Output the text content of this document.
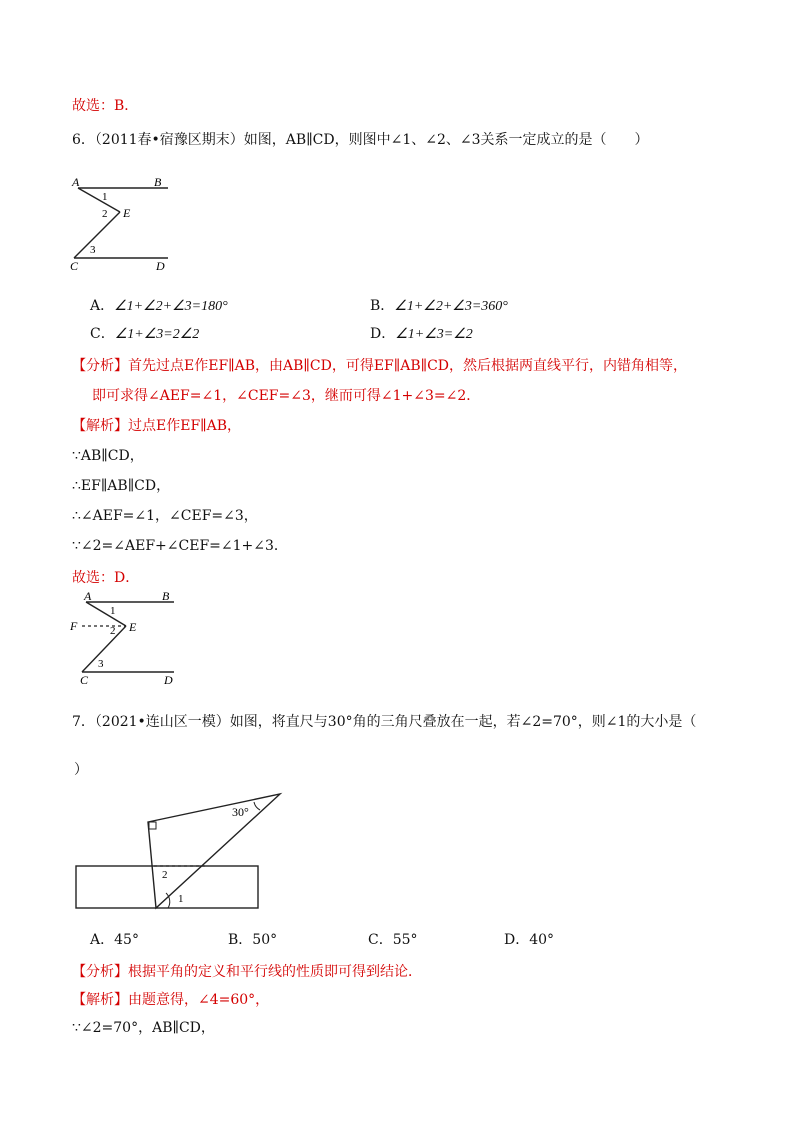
故选：B．
6．（2011春•宿豫区期末）如图，AB∥CD，则图中∠1、∠2、∠3关系一定成立的是（　　）
A	B
E
C	D
1
2
3
A．∠1+∠2+∠3=180°	B．∠1+∠2+∠3=360°
C．∠1+∠3=2∠2	D．∠1+∠3=∠2
【分析】首先过点E作EF∥AB，由AB∥CD，可得EF∥AB∥CD，然后根据两直线平行，内错角相等，
即可求得∠AEF=∠1，∠CEF=∠3，继而可得∠1+∠3=∠2．
【解析】过点E作EF∥AB，
∵AB∥CD，
∴EF∥AB∥CD，
∴∠AEF=∠1，∠CEF=∠3，
∵∠2=∠AEF+∠CEF=∠1+∠3．
故选：D．
A	B
F	E
C	D
1
2
3
7．（2021•连山区一模）如图，将直尺与30°角的三角尺叠放在一起，若∠2=70°，则∠1的大小是（
）
30°
2
1
A．45°	B．50°	C．55°	D．40°
【分析】根据平角的定义和平行线的性质即可得到结论．
【解析】由题意得，∠4=60°，
∵∠2=70°，AB∥CD，
